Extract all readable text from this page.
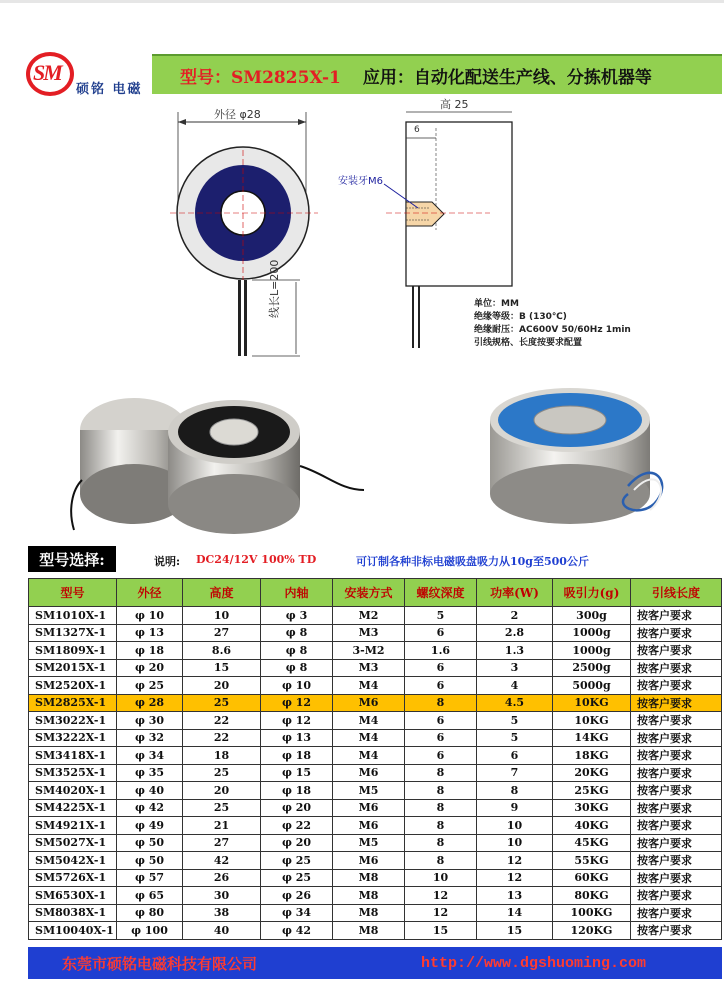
SM
硕铭 电磁
型号：SM2825X-1 应用：自动化配送生产线、分拣机器等
外径 φ28
高 25
6
安装牙M6
线长L=200	单位：MM
绝缘等级：B (130℃)
绝缘耐压：AC600V 50/60Hz 1min
引线规格、长度按要求配置
型号选择:	说明: DC24/12V 100% TD	可订制各种非标电磁吸盘吸力从10g至500公斤
型号	外径	高度	内轴	安装方式	螺纹深度	功率(W)	吸引力(g)	引线长度
SM1010X-1	φ 10	10	φ 3	M2	5	2	300g	按客户要求
SM1327X-1	φ 13	27	φ 8	M3	6	2.8	1000g	按客户要求
SM1809X-1	φ 18	8.6	φ 8	3-M2	1.6	1.3	1000g	按客户要求
SM2015X-1	φ 20	15	φ 8	M3	6	3	2500g	按客户要求
SM2520X-1	φ 25	20	φ 10	M4	6	4	5000g	按客户要求
SM2825X-1	φ 28	25	φ 12	M6	8	4.5	10KG	按客户要求
SM3022X-1	φ 30	22	φ 12	M4	6	5	10KG	按客户要求
SM3222X-1	φ 32	22	φ 13	M4	6	5	14KG	按客户要求
SM3418X-1	φ 34	18	φ 18	M4	6	6	18KG	按客户要求
SM3525X-1	φ 35	25	φ 15	M6	8	7	20KG	按客户要求
SM4020X-1	φ 40	20	φ 18	M5	8	8	25KG	按客户要求
SM4225X-1	φ 42	25	φ 20	M6	8	9	30KG	按客户要求
SM4921X-1	φ 49	21	φ 22	M6	8	10	40KG	按客户要求
SM5027X-1	φ 50	27	φ 20	M5	8	10	45KG	按客户要求
SM5042X-1	φ 50	42	φ 25	M6	8	12	55KG	按客户要求
SM5726X-1	φ 57	26	φ 25	M8	10	12	60KG	按客户要求
SM6530X-1	φ 65	30	φ 26	M8	12	13	80KG	按客户要求
SM8038X-1	φ 80	38	φ 34	M8	12	14	100KG	按客户要求
SM10040X-1	φ 100	40	φ 42	M8	15	15	120KG	按客户要求
东莞市硕铭电磁科技有限公司	http://www.dgshuoming.com
